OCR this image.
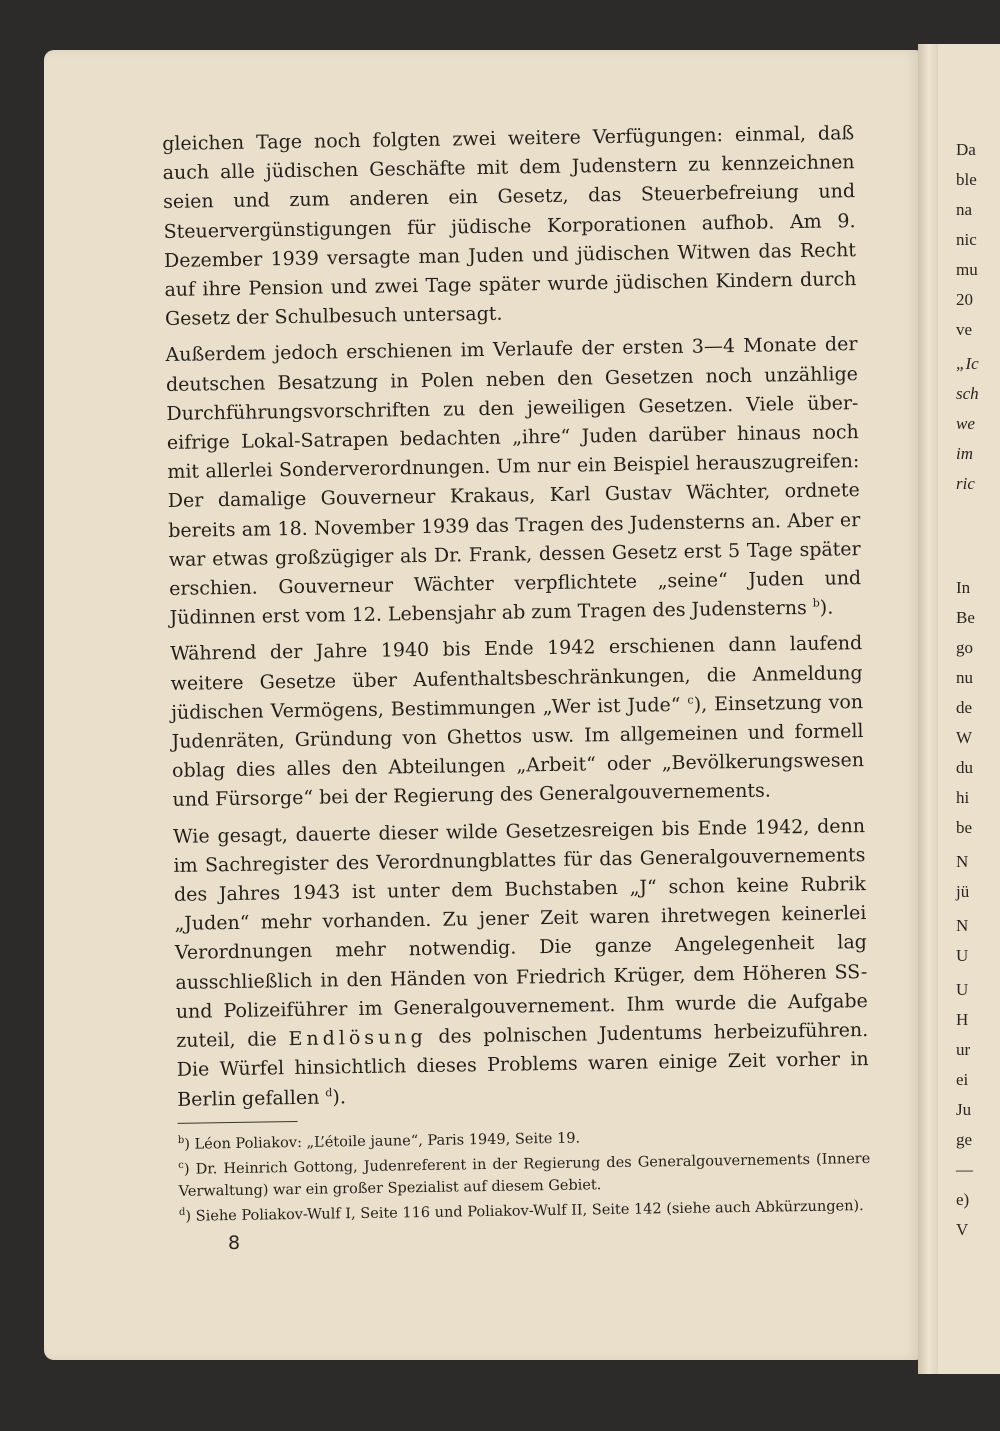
Da
ble
na
nic
mu
20
ve
„Ic
sch
we
im
ric
In
Be
go
nu
de
W
du
hi
be
N
jü
N
U
U
H
ur
ei
Ju
ge
—
e)
V

gleichen Tage noch folgten zwei weitere Verfügungen: einmal, daß auch alle jüdischen Geschäfte mit dem Judenstern zu kennzeichnen seien und zum anderen ein Gesetz, das Steuerbefreiung und Steuervergünstigungen für jüdische Korporationen aufhob. Am 9. Dezember 1939 versagte man Juden und jüdischen Witwen das Recht auf ihre Pension und zwei Tage später wurde jüdischen Kindern durch Gesetz der Schulbesuch untersagt.

Außerdem jedoch erschienen im Verlaufe der ersten 3—4 Monate der deutschen Besatzung in Polen neben den Gesetzen noch unzählige Durchführungsvorschriften zu den jeweiligen Gesetzen. Viele über-eifrige Lokal-Satrapen bedachten „ihre“ Juden darüber hinaus noch mit allerlei Sonderverordnungen. Um nur ein Beispiel herauszugreifen: Der damalige Gouverneur Krakaus, Karl Gustav Wächter, ordnete bereits am 18. November 1939 das Tragen des Judensterns an. Aber er war etwas großzügiger als Dr. Frank, dessen Gesetz erst 5 Tage später erschien. Gouverneur Wächter verpflichtete „seine“ Juden und Jüdinnen erst vom 12. Lebensjahr ab zum Tragen des Judensterns $^b$).

Während der Jahre 1940 bis Ende 1942 erschienen dann laufend weitere Gesetze über Aufenthaltsbeschränkungen, die Anmeldung jüdischen Vermögens, Bestimmungen „Wer ist Jude“ $^c$), Einsetzung von Judenräten, Gründung von Ghettos usw. Im allgemeinen und formell oblag dies alles den Abteilungen „Arbeit“ oder „Bevölkerungswesen und Fürsorge“ bei der Regierung des Generalgouvernements.

Wie gesagt, dauerte dieser wilde Gesetzesreigen bis Ende 1942, denn im Sachregister des Verordnungblattes für das Generalgouvernements des Jahres 1943 ist unter dem Buchstaben „J“ schon keine Rubrik „Juden“ mehr vorhanden. Zu jener Zeit waren ihretwegen keinerlei Verordnungen mehr notwendig. Die ganze Angelegenheit lag ausschließlich in den Händen von Friedrich Krüger, dem Höheren SS- und Polizeiführer im Generalgouvernement. Ihm wurde die Aufgabe zuteil, die Endlösung des polnischen Judentums herbeizuführen. Die Würfel hinsichtlich dieses Problems waren einige Zeit vorher in Berlin gefallen $^d$).

$^b$) Léon Poliakov: „L’étoile jaune“, Paris 1949, Seite 19.
$^c$) Dr. Heinrich Gottong, Judenreferent in der Regierung des Generalgouvernements (Innere Verwaltung) war ein großer Spezialist auf diesem Gebiet.
$^d$) Siehe Poliakov-Wulf I, Seite 116 und Poliakov-Wulf II, Seite 142 (siehe auch Abkürzungen).
8
